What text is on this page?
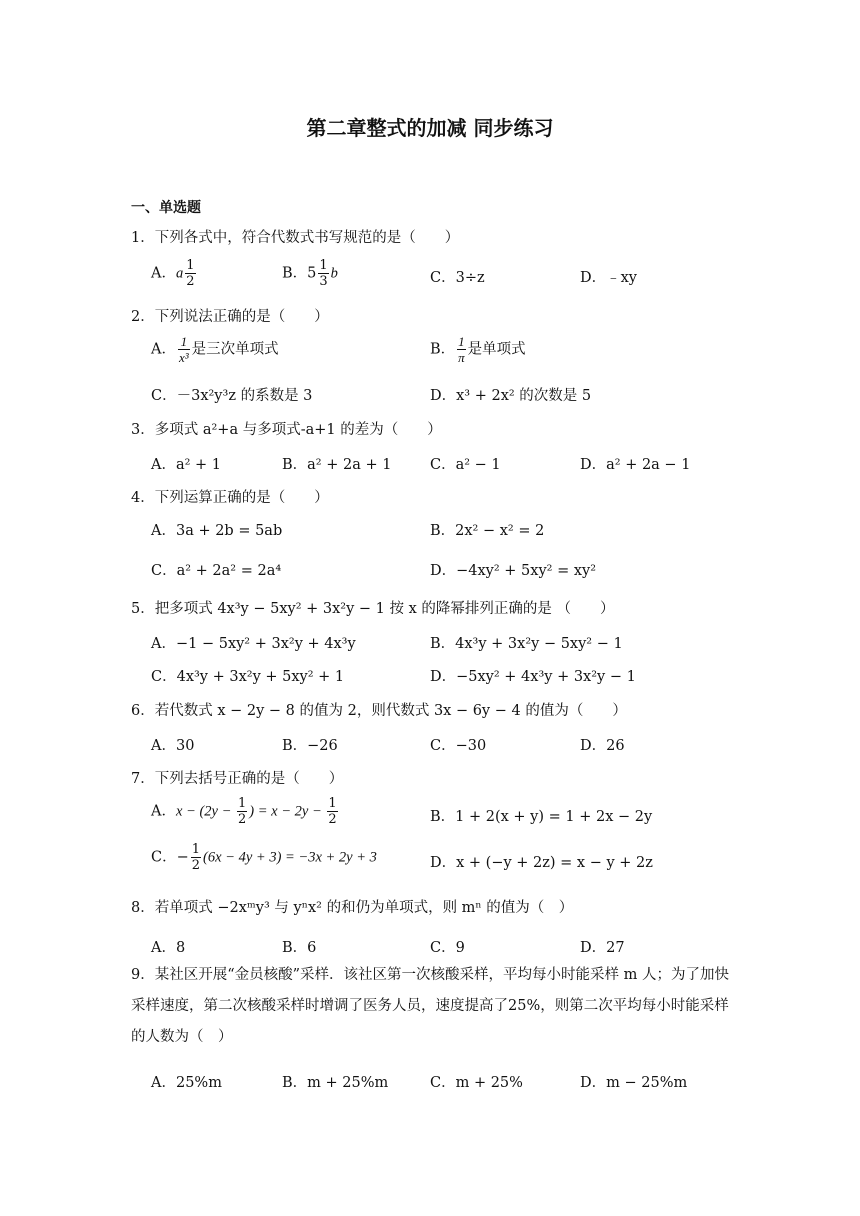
第二章整式的加减 同步练习
一、单选题
1．下列各式中，符合代数式书写规范的是（　　）
A．a $\frac{1}{2}$	B．$5 \frac{1}{3}$ b	C．3÷z	D．﹣xy
2．下列说法正确的是（　　）
A． $\frac{1}{\text{x³}}$ 是三次单项式	B． $\frac{1}{\pi}$ 是单项式
C．－3x²y³z 的系数是 3	D．x³ + 2x² 的次数是 5
3．多项式 a²+a 与多项式-a+1 的差为（　　）
A．a² + 1	B．a² + 2a + 1	C．a² − 1	D．a² + 2a − 1
4．下列运算正确的是（　　）
A．3a + 2b = 5ab	B．2x² − x² = 2
C．a² + 2a² = 2a⁴	D．−4xy² + 5xy² = xy²
5．把多项式 4x³y − 5xy² + 3x²y − 1 按 x 的降幂排列正确的是 （　　）
A．−1 − 5xy² + 3x²y + 4x³y	B．4x³y + 3x²y − 5xy² − 1
C．4x³y + 3x²y + 5xy² + 1	D．−5xy² + 4x³y + 3x²y − 1
6．若代数式 x − 2y − 8 的值为 2，则代数式 3x − 6y − 4 的值为（　　）
A．30	B．−26	C．−30	D．26
7．下列去括号正确的是（　　）
A．$x - (2y - \frac{1}{2}$ ) = $x - 2y - \frac{1}{2}$	B．1 + 2(x + y) = 1 + 2x − 2y
C．− $\frac{1}{2} (6x - 4y + 3) = -3x + 2y + 3$	D．x + (−y + 2z) = x − y + 2z
8．若单项式 −2xᵐy³ 与 yⁿx² 的和仍为单项式，则 mⁿ 的值为（　）
A．8	B．6	C．9	D．27
9．某社区开展“金员核酸”采样．该社区第一次核酸采样，平均每小时能采样 m 人；为了加快采样速度，第二次核酸采样时增调了医务人员，速度提高了25%，则第二次平均每小时能采样的人数为（　）
A．25%m	B．m + 25%m	C．m + 25%	D．m − 25%m
